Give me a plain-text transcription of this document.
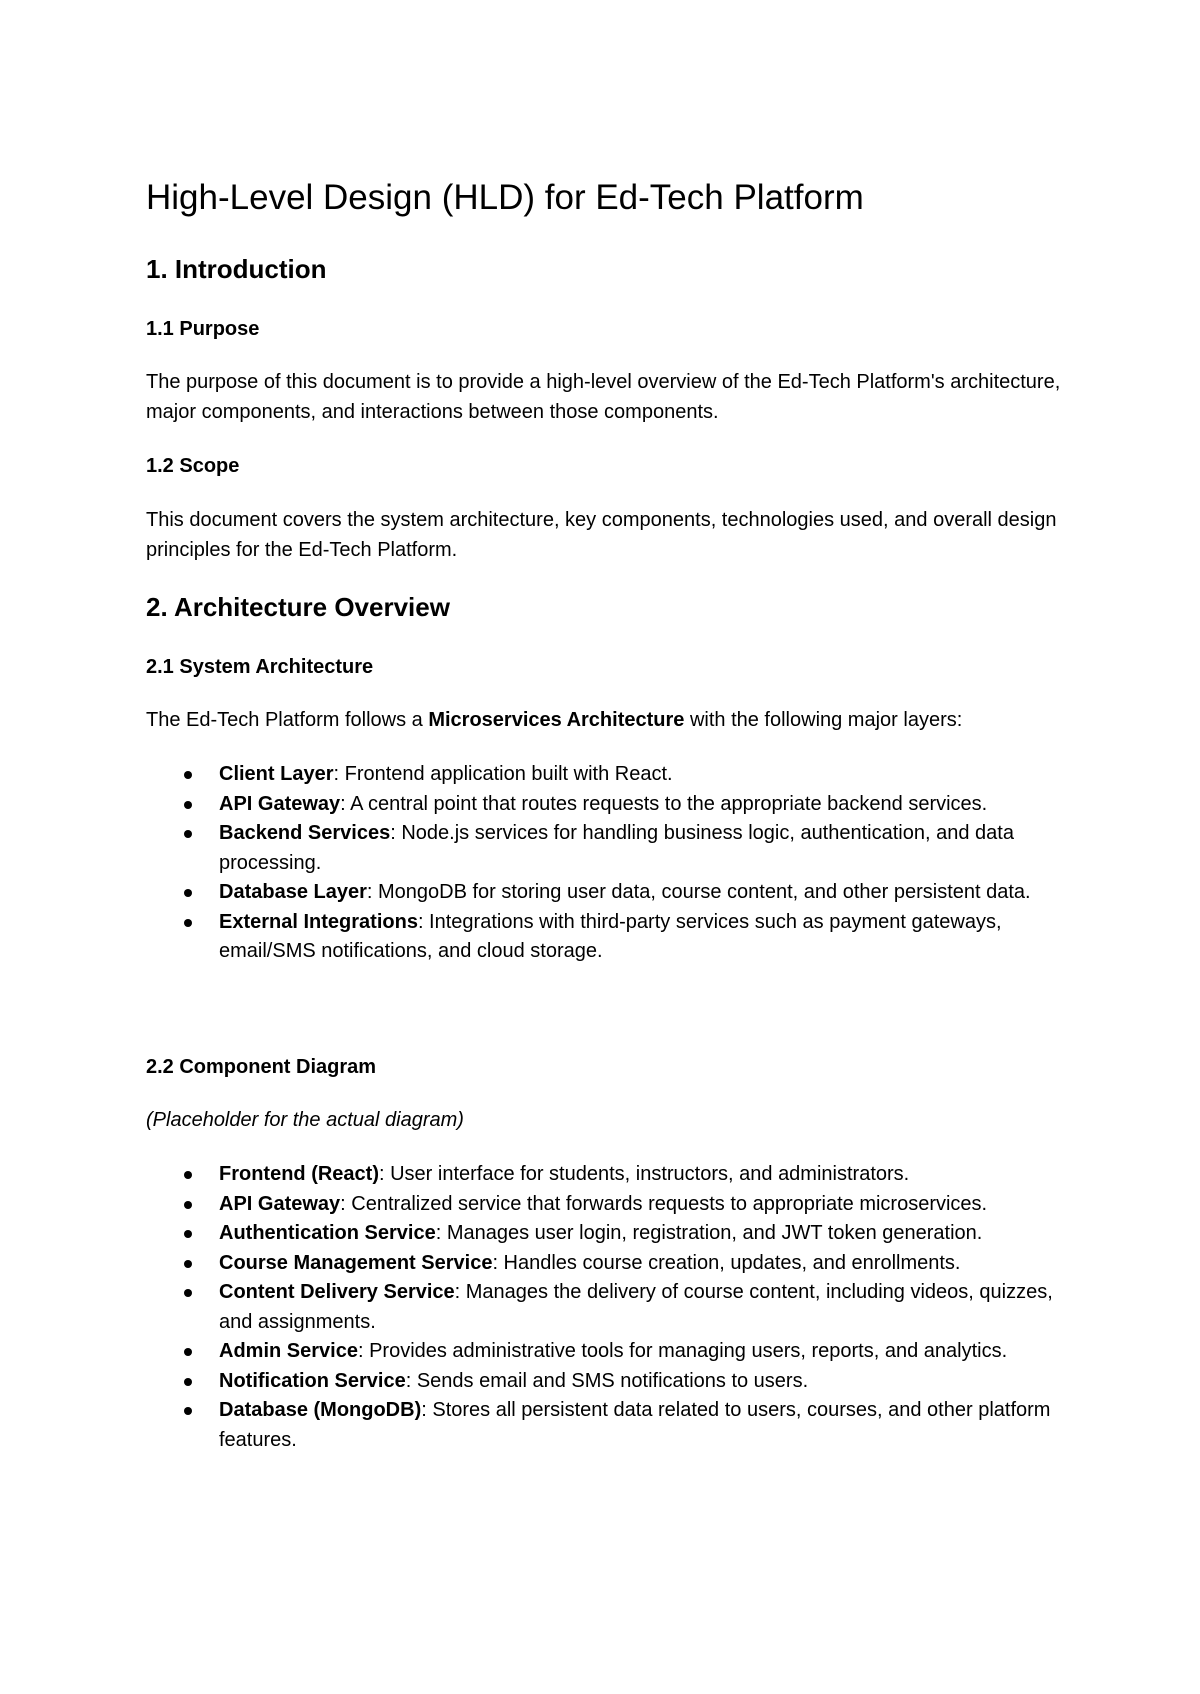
High-Level Design (HLD) for Ed-Tech Platform
1. Introduction
1.1 Purpose

The purpose of this document is to provide a high-level overview of the Ed-Tech Platform's architecture, major components, and interactions between those components.

1.2 Scope

This document covers the system architecture, key components, technologies used, and overall design principles for the Ed-Tech Platform.

2. Architecture Overview
2.1 System Architecture

The Ed-Tech Platform follows a Microservices Architecture with the following major layers:

Client Layer: Frontend application built with React.
API Gateway: A central point that routes requests to the appropriate backend services.
Backend Services: Node.js services for handling business logic, authentication, and data processing.
Database Layer: MongoDB for storing user data, course content, and other persistent data.
External Integrations: Integrations with third-party services such as payment gateways, email/SMS notifications, and cloud storage.
2.2 Component Diagram

(Placeholder for the actual diagram)

Frontend (React): User interface for students, instructors, and administrators.
API Gateway: Centralized service that forwards requests to appropriate microservices.
Authentication Service: Manages user login, registration, and JWT token generation.
Course Management Service: Handles course creation, updates, and enrollments.
Content Delivery Service: Manages the delivery of course content, including videos, quizzes, and assignments.
Admin Service: Provides administrative tools for managing users, reports, and analytics.
Notification Service: Sends email and SMS notifications to users.
Database (MongoDB): Stores all persistent data related to users, courses, and other platform features.
